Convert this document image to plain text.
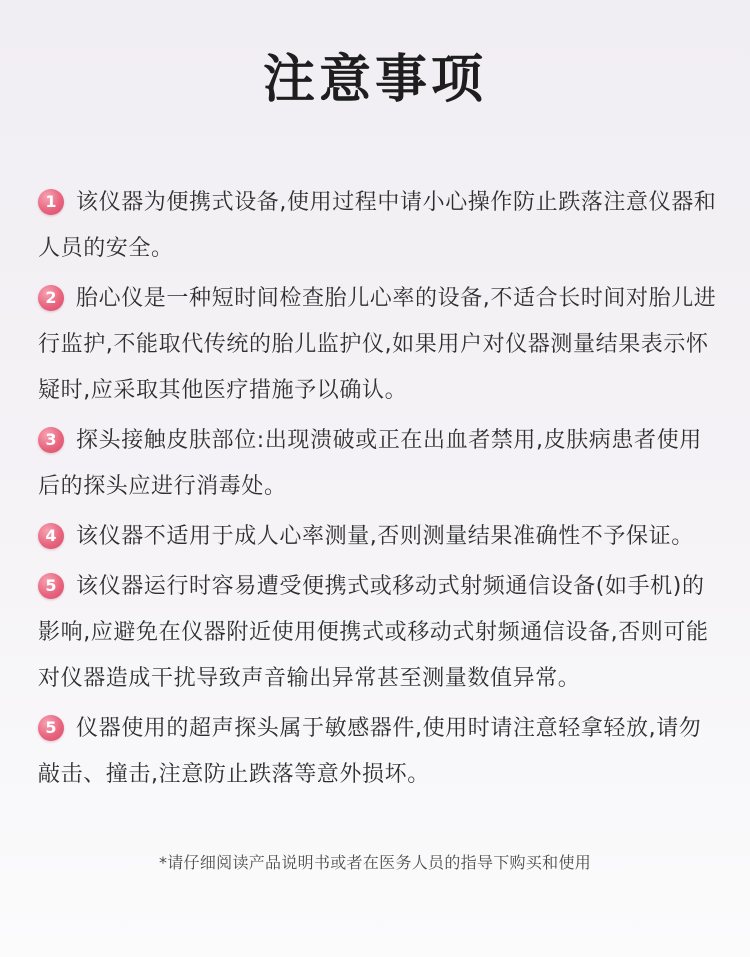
注意事项
1 该仪器为便携式设备,使用过程中请小心操作防止跌落注意仪器和人员的安全。
2 胎心仪是一种短时间检查胎儿心率的设备,不适合长时间对胎儿进行监护,不能取代传统的胎儿监护仪,如果用户对仪器测量结果表示怀疑时,应采取其他医疗措施予以确认。
3 探头接触皮肤部位:出现溃破或正在出血者禁用,皮肤病患者使用后的探头应进行消毒处。
4 该仪器不适用于成人心率测量,否则测量结果准确性不予保证。
5 该仪器运行时容易遭受便携式或移动式射频通信设备(如手机)的影响,应避免在仪器附近使用便携式或移动式射频通信设备,否则可能对仪器造成干扰导致声音输出异常甚至测量数值异常。
5 仪器使用的超声探头属于敏感器件,使用时请注意轻拿轻放,请勿敲击、撞击,注意防止跌落等意外损坏。
*请仔细阅读产品说明书或者在医务人员的指导下购买和使用
